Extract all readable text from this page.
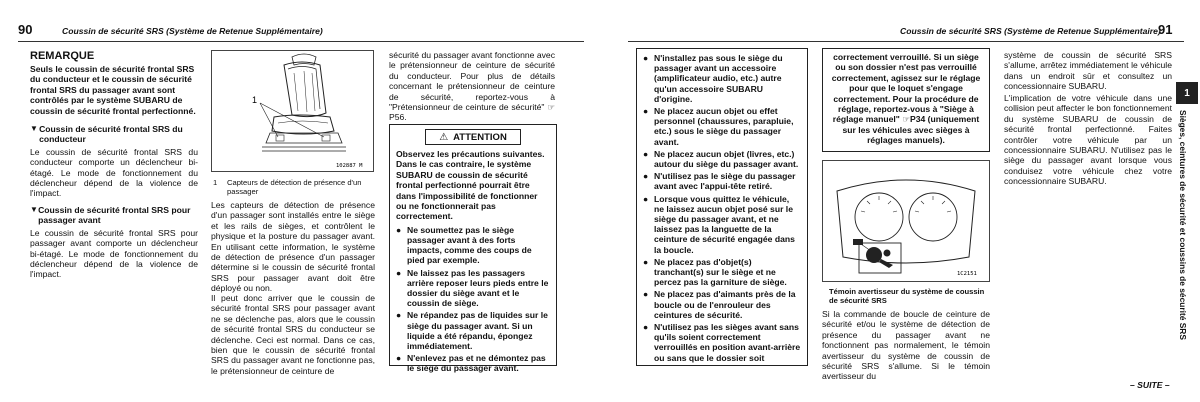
90	Coussin de sécurité SRS (Système de Retenue Supplémentaire)
REMARQUE
Seuls le coussin de sécurité frontal SRS du conducteur et le coussin de sécurité frontal SRS du passager avant sont contrôlés par le système SUBARU de coussin de sécurité frontal perfectionné.
▼ Coussin de sécurité frontal SRS du conducteur
Le coussin de sécurité frontal SRS du conducteur comporte un déclencheur bi-étagé. Le mode de fonctionnement du déclencheur dépend de la violence de l'impact.
▼ Coussin de sécurité frontal SRS pour passager avant
Le coussin de sécurité frontal SRS pour passager avant comporte un déclencheur bi-étagé. Le mode de fonctionnement du déclencheur dépend de la violence de l'impact.
1
102887 M
1	Capteurs de détection de présence d'un passager
Les capteurs de détection de présence d'un passager sont installés entre le siège et les rails de sièges, et contrôlent le physique et la posture du passager avant. En utilisant cette information, le système de détection de présence d'un passager détermine si le coussin de sécurité frontal SRS pour passager avant doit être déployé ou non.
Il peut donc arriver que le coussin de sécurité frontal SRS pour passager avant ne se déclenche pas, alors que le coussin de sécurité frontal SRS du conducteur se déclenche. Ceci est normal. Dans ce cas, bien que le coussin de sécurité frontal SRS du passager avant ne fonctionne pas, le prétensionneur de ceinture de
sécurité du passager avant fonctionne avec le prétensionneur de ceinture de sécurité du conducteur. Pour plus de détails concernant le prétensionneur de ceinture de sécurité, reportez-vous à "Prétensionneur de ceinture de sécurité" ☞P56.
⚠ ATTENTION
Observez les précautions suivantes. Dans le cas contraire, le système SUBARU de coussin de sécurité frontal perfectionné pourrait être dans l'impossibilité de fonctionner ou ne fonctionnerait pas correctement.
● Ne soumettez pas le siège passager avant à des forts impacts, comme des coups de pied par exemple.
● Ne laissez pas les passagers arrière reposer leurs pieds entre le dossier du siège avant et le coussin de siège.
● Ne répandez pas de liquides sur le siège du passager avant. Si un liquide a été répandu, épongez immédiatement.
● N'enlevez pas et ne démontez pas le siège du passager avant.
Coussin de sécurité SRS (Système de Retenue Supplémentaire)
91
● N'installez pas sous le siège du passager avant un accessoire (amplificateur audio, etc.) autre qu'un accessoire SUBARU d'origine.
● Ne placez aucun objet ou effet personnel (chaussures, parapluie, etc.) sous le siège du passager avant.
● Ne placez aucun objet (livres, etc.) autour du siège du passager avant.
● N'utilisez pas le siège du passager avant avec l'appui-tête retiré.
● Lorsque vous quittez le véhicule, ne laissez aucun objet posé sur le siège du passager avant, et ne laissez pas la languette de la ceinture de sécurité engagée dans la boucle.
● Ne placez pas d'objet(s) tranchant(s) sur le siège et ne percez pas la garniture de siège.
● Ne placez pas d'aimants près de la boucle ou de l'enrouleur des ceintures de sécurité.
● N'utilisez pas les sièges avant sans qu'ils soient correctement verrouillés en position avant-arrière ou sans que le dossier soit
correctement verrouillé. Si un siège ou son dossier n'est pas verrouillé correctement, agissez sur le réglage pour que le loquet s'engage correctement. Pour la procédure de réglage, reportez-vous à "Siège à réglage manuel" ☞P34 (uniquement sur les véhicules avec sièges à réglages manuels).
1C2151
Témoin avertisseur du système de coussin de sécurité SRS
Si la commande de boucle de ceinture de sécurité et/ou le système de détection de présence du passager avant ne fonctionnent pas normalement, le témoin avertisseur du système de coussin de sécurité SRS s'allume. Si le témoin avertisseur du
système de coussin de sécurité SRS s'allume, arrêtez immédiatement le véhicule dans un endroit sûr et consultez un concessionnaire SUBARU.
L'implication de votre véhicule dans une collision peut affecter le bon fonctionnement du système SUBARU de coussin de sécurité frontal perfectionné. Faites contrôler votre véhicule par un concessionnaire SUBARU. N'utilisez pas le siège du passager avant lorsque vous conduisez votre véhicule chez votre concessionnaire SUBARU.
1
Sièges, ceintures de sécurité et coussins de sécurité SRS
– SUITE –
